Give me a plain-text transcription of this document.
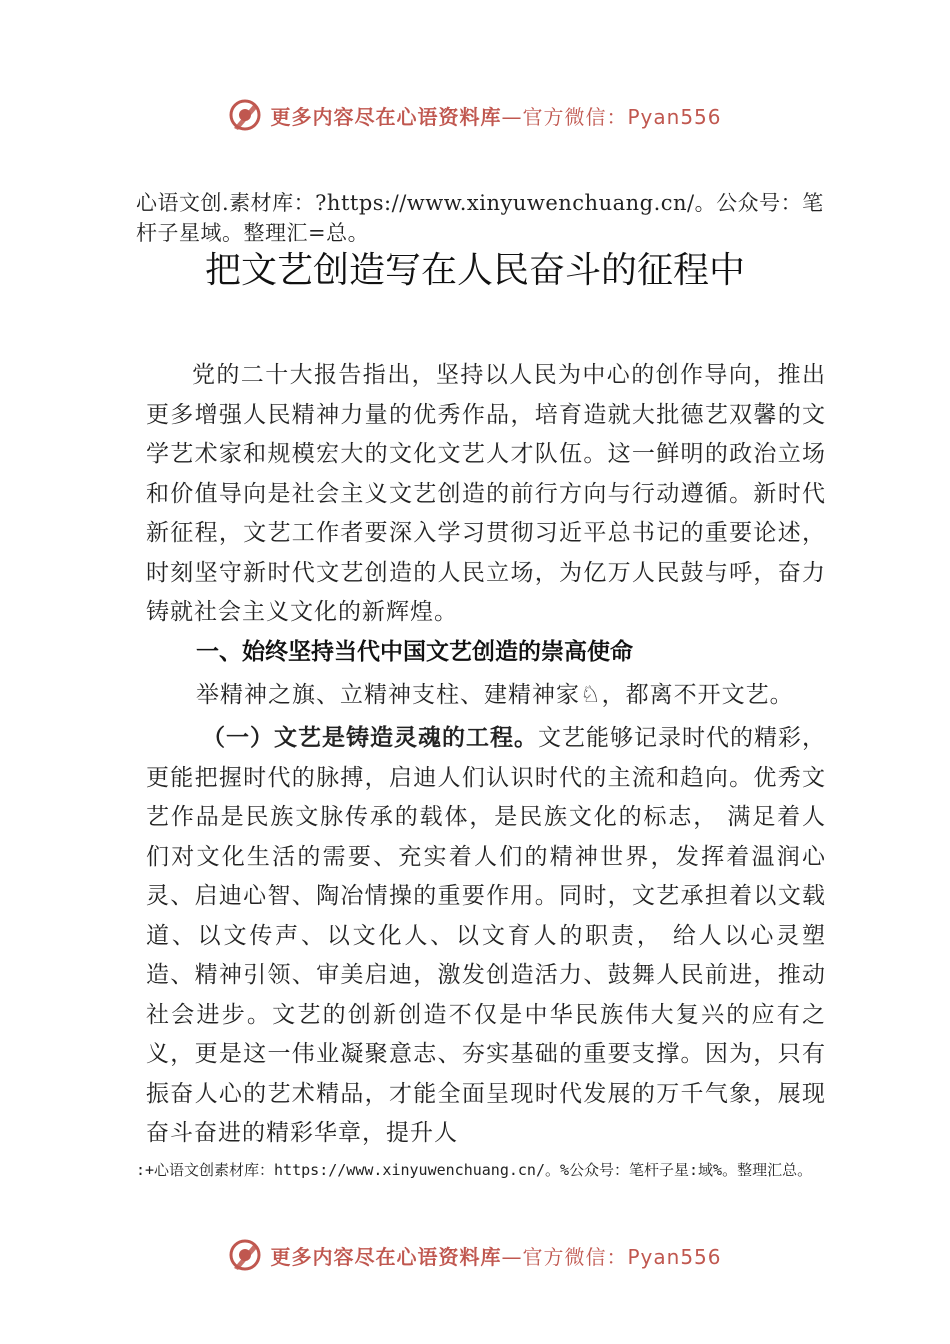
更多内容尽在心语资料库—官方微信：Pyan556
心语文创.素材库：?https://www.xinyuwenchuang.cn/。公众号：笔杆子星域。整理汇=总。
把文艺创造写在人民奋斗的征程中

党的二十大报告指出，坚持以人民为中心的创作导向，推出更多增强人民精神力量的优秀作品，培育造就大批德艺双馨的文学艺术家和规模宏大的文化文艺人才队伍。这一鲜明的政治立场和价值导向是社会主义文艺创造的前行方向与行动遵循。新时代新征程，文艺工作者要深入学习贯彻习近平总书记的重要论述，时刻坚守新时代文艺创造的人民立场，为亿万人民鼓与呼，奋力铸就社会主义文化的新辉煌。

一、始终坚持当代中国文艺创造的崇高使命

举精神之旗、立精神支柱、建精神家♘，都离不开文艺。

（一）文艺是铸造灵魂的工程。文艺能够记录时代的精彩，更能把握时代的脉搏，启迪人们认识时代的主流和趋向。优秀文艺作品是民族文脉传承的载体，是民族文化的标志， 满足着人们对文化生活的需要、充实着人们的精神世界，发挥着温润心灵、启迪心智、陶冶情操的重要作用。同时，文艺承担着以文载道、以文传声、以文化人、以文育人的职责， 给人以心灵塑造、精神引领、审美启迪，激发创造活力、鼓舞人民前进，推动社会进步。文艺的创新创造不仅是中华民族伟大复兴的应有之义，更是这一伟业凝聚意志、夯实基础的重要支撑。因为，只有振奋人心的艺术精品，才能全面呈现时代发展的万千气象，展现奋斗奋进的精彩华章，提升人

:+心语文创素材库：https://www.xinyuwenchuang.cn/。%公众号：笔杆子星:域%。整理汇总。
更多内容尽在心语资料库—官方微信：Pyan556
